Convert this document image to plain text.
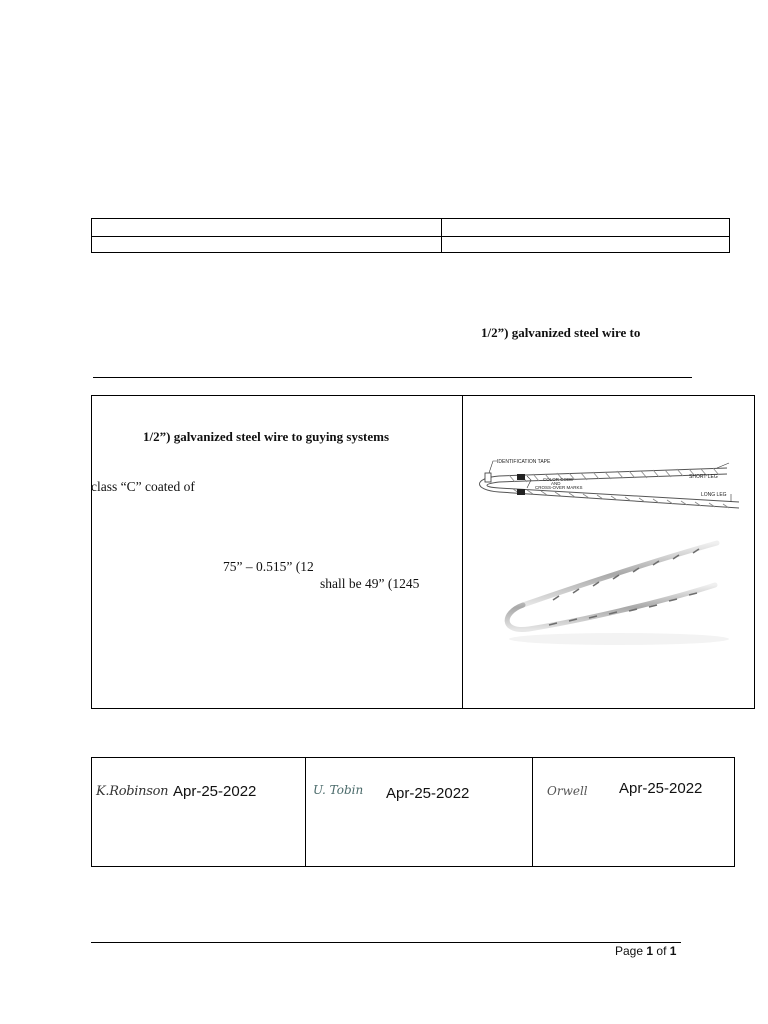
1/2”) galvanized steel wire to
1/2”) galvanized steel wire to guying systems
class “C” coated of
75” – 0.515” (12
shall be 49” (1245
IDENTIFICATION TAPE
COLOR CODE
AND
CROSS-OVER MARKS
SHORT LEG
LONG LEG
K.Robinson Apr-25-2022	U. Tobin Apr-25-2022	Orwell Apr-25-2022
Page 1 of 1
